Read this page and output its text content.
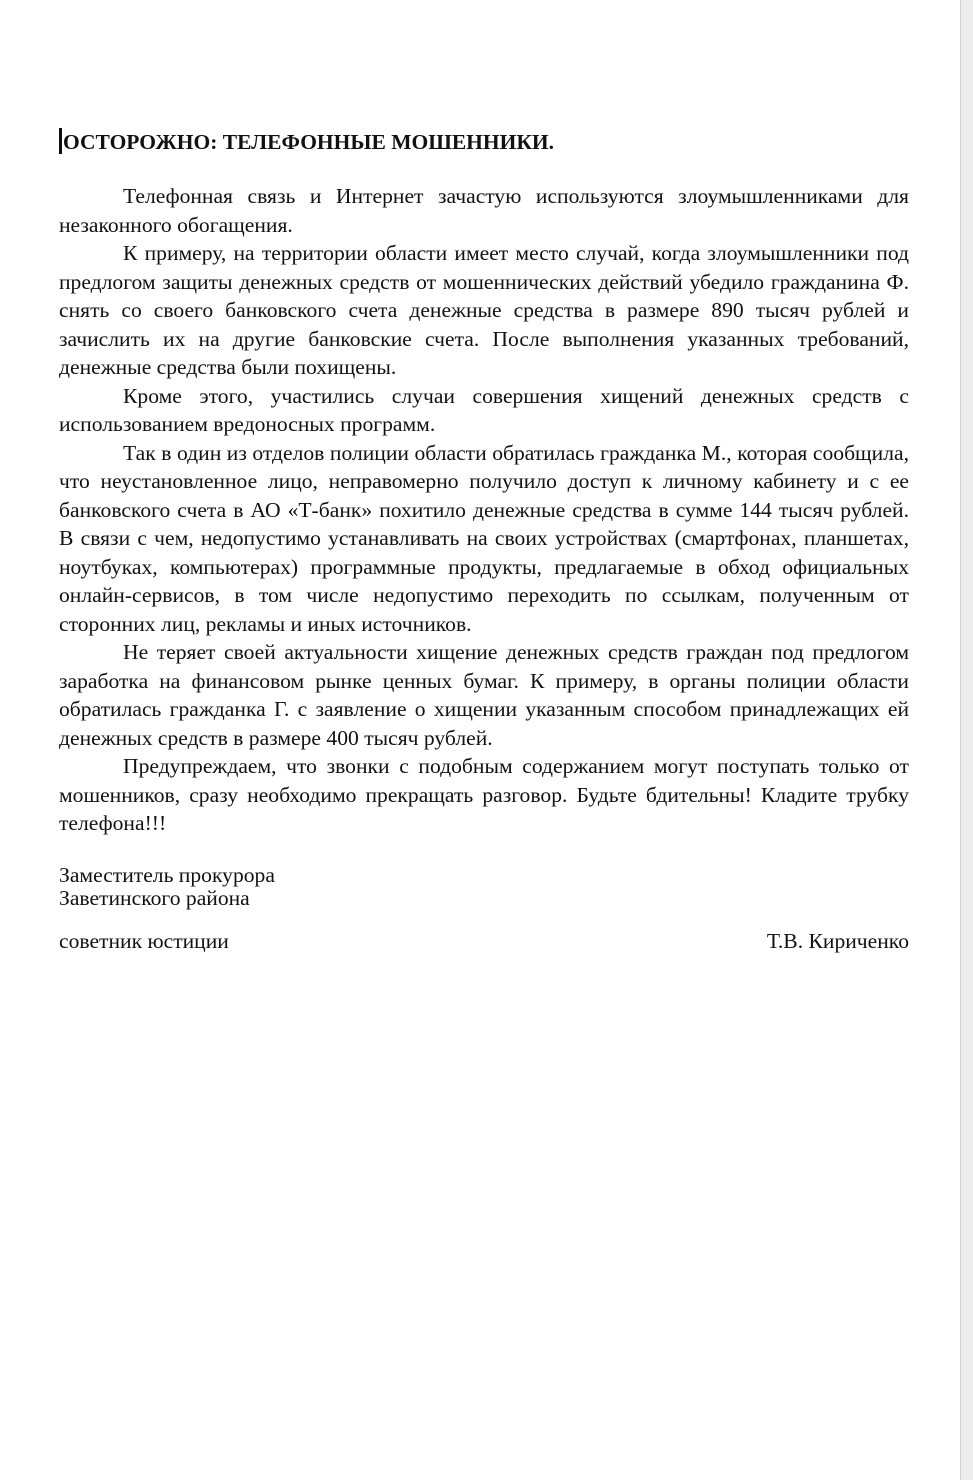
ОСТОРОЖНО: ТЕЛЕФОННЫЕ МОШЕННИКИ.

Телефонная связь и Интернет зачастую используются злоумышленниками для незаконного обогащения.

К примеру, на территории области имеет место случай, когда злоумышленники под предлогом защиты денежных средств от мошеннических действий убедило гражданина Ф. снять со своего банковского счета денежные средства в размере 890 тысяч рублей и зачислить их на другие банковские счета. После выполнения указанных требований, денежные средства были похищены.

Кроме этого, участились случаи совершения хищений денежных средств с использованием вредоносных программ.

Так в один из отделов полиции области обратилась гражданка М., которая сообщила, что неустановленное лицо, неправомерно получило доступ к личному кабинету и с ее банковского счета в АО «Т-банк» похитило денежные средства в сумме 144 тысяч рублей. В связи с чем, недопустимо устанавливать на своих устройствах (смартфонах, планшетах, ноутбуках, компьютерах) программные продукты, предлагаемые в обход официальных онлайн-сервисов, в том числе недопустимо переходить по ссылкам, полученным от сторонних лиц, рекламы и иных источников.

Не теряет своей актуальности хищение денежных средств граждан под предлогом заработка на финансовом рынке ценных бумаг. К примеру, в органы полиции области обратилась гражданка Г. с заявление о хищении указанным способом принадлежащих ей денежных средств в размере 400 тысяч рублей.

Предупреждаем, что звонки с подобным содержанием могут поступать только от мошенников, сразу необходимо прекращать разговор. Будьте бдительны! Кладите трубку телефона!!!

Заместитель прокурора
Заветинского района
советник юстиции	Т.В. Кириченко
